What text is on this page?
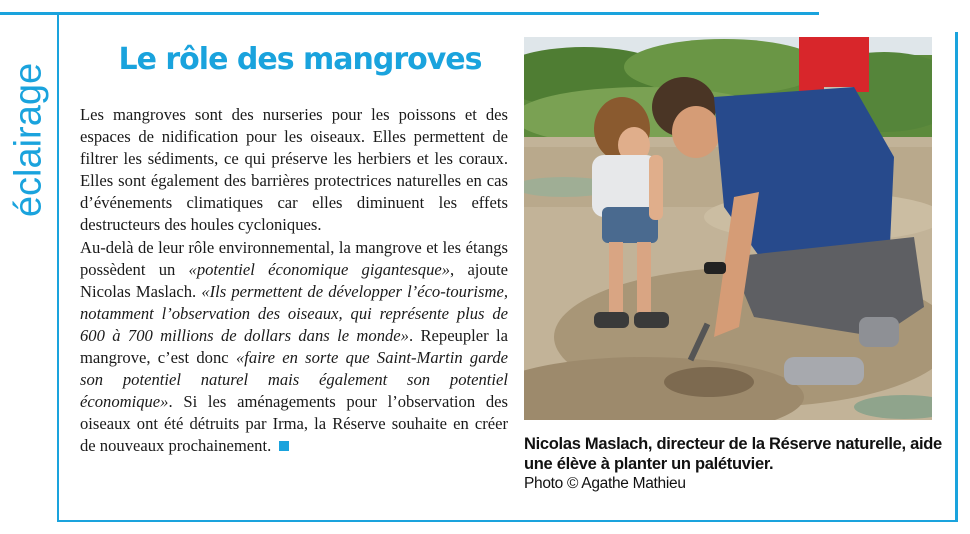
éclairage
Le rôle des mangroves

Les mangroves sont des nurseries pour les poissons et des espaces de nidification pour les oiseaux. Elles permettent de filtrer les sédiments, ce qui préserve les herbiers et les coraux. Elles sont également des barrières protectrices naturelles en cas d’événements climatiques car elles diminuent les effets destructeurs des houles cycloniques.

Au-delà de leur rôle environnemental, la mangrove et les étangs possèdent un «potentiel économique gigantesque», ajoute Nicolas Maslach. «Ils permettent de développer l’éco-tourisme, notamment l’observation des oiseaux, qui représente plus de 600 à 700 millions de dollars dans le monde». Repeupler la mangrove, c’est donc «faire en sorte que Saint-Martin garde son potentiel naturel mais également son potentiel économique». Si les aménagements pour l’observation des oiseaux ont été détruits par Irma, la Réserve souhaite en créer de nouveaux prochainement.	Nicolas Maslach, directeur de la Réserve naturelle, aide une élève à planter un palétuvier.
Photo © Agathe Mathieu
